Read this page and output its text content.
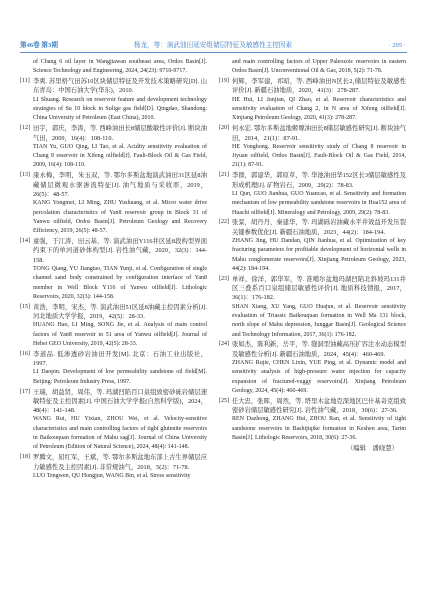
第46卷 第3期	杨龙，等：演武油田延安组储层特征及敏感性主控因素	· 295 ·
of Chang 6 oil layer in Wangjiawan southeast area, Ordos Basin[J]. Science Technology and Engineering, 2024, 24(23): 9710-9717.
[11] 李爽. 苏里格气田苏10区块储层特征及开发技术策略研究[D]. 山东青岛：中国石油大学(华东)，2010.
LI Shuang. Research on reservoir feature and development technology strategies of Su 10 block in Sulige gas field[D]. Qingdao, Shandong: China University of Petroleum (East China), 2010.
[12] 田宇，郭庆，李涛，等. 西峰油田长8储层酸敏性评价[J]. 断块油气田，2009，16(4)：108-110.
TIAN Yu, GUO Qing, LI Tao, et al. Acidity sensitivity evaluation of Chang 8 reservoir in Xifeng oilfield[J]. Fault-Block Oil & Gas Field, 2009, 16(4): 108-110.
[13] 康永梅，李明，朱玉双，等. 鄂尔多斯盆地演武油田31区延8油藏储层微观水驱渗流特征[J]. 油气地质与采收率，2019，26(5)：48-57.
KANG Yongmei, LI Ming, ZHU Yushuang, et al. Micro water drive percolation characteristics of Yan8 reservoir group in Block 31 of Yanwu oilfield, Ordos Basin[J]. Petroleum Geology and Recovery Efficiency, 2019, 26(5): 48-57.
[14] 童强，于江涛，田云基，等. 演武油田Y116井区延8段构型界面约束下的单河道砂体构型[J]. 岩性油气藏，2020，32(3)：144-158.
TONG Qiang, YU Jiangtao, TIAN Yunji, et al. Configuration of single channel sand body constrained by configuration interface of Yan8 member in Well Block Y116 of Yanwu oilfield[J]. Lithologic Reservoirs, 2020, 32(3): 144-158.
[15] 黄浩，李明，宋杰，等. 演武油田51区延8油藏主控因素分析[J]. 河北地质大学学报，2019，42(5)：28-33.
HUANG Hao, LI Ming, SONG Jie, et al. Analysis of main control factors of Yan8 reservoir in 51 area of Yanwu oilfield[J]. Journal of Hebei GEO University, 2019, 42(5): 28-33.
[16] 李道品. 低渗透砂岩油田开发[M]. 北京：石油工业出版社，1997.
LI Daopin. Development of low permeability sandstone oil field[M]. Beijing: Petroleum Industry Press, 1997.
[17] 王瑞，胡益贤，周伟，等. 玛湖凹陷百口泉组致密砂砾岩储层速敏特征及主控因素[J]. 中国石油大学学报(自然科学版)，2024，48(4)：141-148.
WANG Rui, HU Yixian, ZHOU Wei, et al. Velocity-sensitive characteristics and main controlling factors of tight glutenite reservoirs in Baikouquan formation of Mahu sag[J]. Journal of China University of Petroleum (Edition of Natural Science), 2024, 48(4): 141-148.
[18] 罗腾文，屈红军，王斌，等. 鄂尔多斯盆地东部上古生界储层应力敏感性及主控因素[J]. 非常规油气，2018，5(2)：71-78.
LUO Tengwen, QU Hongjun, WANG Bin, et al. Stress sensitivity
and main controlling factors of Upper Paleozoic reservoirs in eastern Ordos Basin[J]. Unconventional Oil & Gas, 2018, 5(2): 71-78.
[19] 何辉，李军建，祁昭，等. 西峰油田N区长2₁储层特征及敏感性评价[J]. 新疆石油地质，2020，41(3)：278-287.
HE Hui, LI Junjian, QI Zhao, et al. Reservoir characteristics and sensitivity evaluation of Chang 2₁ in N area of Xifeng oilfield[J]. Xinjiang Petroleum Geology, 2020, 41(3): 278-287.
[20] 何永宏. 鄂尔多斯盆地姬塬油田长8储层敏感性研究[J]. 断块油气田，2014，21(1)：87-91.
HE Yonghong. Reservoir sensitivity study of Chang 8 reservoir in Jiyuan oilfield, Ordos Basin[J]. Fault-Block Oil & Gas Field, 2014, 21(1): 87-91.
[21] 李群，郭建华，郭原草，等. 华池油田华152区长3储层敏感性及形成机理[J]. 矿物岩石，2009，29(2)：78-83.
LI Qun, GUO Jianhua, GUO Yuancao, et al. Sensitivity and formation mechanism of low permeability sandstone reservoirs in Hua152 area of Huachi oilfield[J]. Mineralogy and Petrology, 2009, 29(2): 78-83.
[22] 张景，胡丹丹，秦建华，等. 玛湖砾岩油藏水平井效益开发压裂关键参数优化[J]. 新疆石油地质，2023，44(2)：184-194.
ZHANG Jing, HU Dandan, QIN Jianhua, et al. Optimization of key fracturing parameters for profitable development of horizontal wells in Mahu conglomerate reservoirs[J]. Xinjiang Petroleum Geology, 2023, 44(2): 184-194.
[23] 单祥，徐洋，郭华军，等. 准噶尔盆地玛湖凹陷北斜坡玛131井区三叠系百口泉组储层敏感性评价[J]. 地质科技情报，2017，36(1)：176-182.
SHAN Xiang, XU Yang, GUO Huajun, et al. Reservoir sensitivity evaluation of Triassic Baikouquan formation in Well Ma 131 block, north slope of Mahu depression, Junggar Basin[J]. Geological Science and Technology Information, 2017, 36(1): 176-182.
[24] 张如杰，陈利新，岳平，等. 缝洞型油藏高压扩容注水动态模型及敏感性分析[J]. 新疆石油地质，2024，45(4)：460-469.
ZHANG Rujie, CHEN Lixin, YUE Ping, et al. Dynamic model and sensitivity analysis of high-pressure water injection for capacity expansion of fractured-vuggy reservoirs[J]. Xinjiang Petroleum Geology, 2024, 45(4): 460-469.
[25] 任大忠，张晖，周然，等. 塔里木盆地克深地区巴什基奇克组致密砂岩储层敏感性研究[J]. 岩性油气藏，2018，30(6)：27-36.
REN Dazhong, ZHANG Hui, ZHOU Ran, et al. Sensitivity of tight sandstone reservoirs in Bashijiqike formation in Keshen area, Tarim Basin[J]. Lithologic Reservoirs, 2018, 30(6): 27-36.
（编辑　潘晓慧）
